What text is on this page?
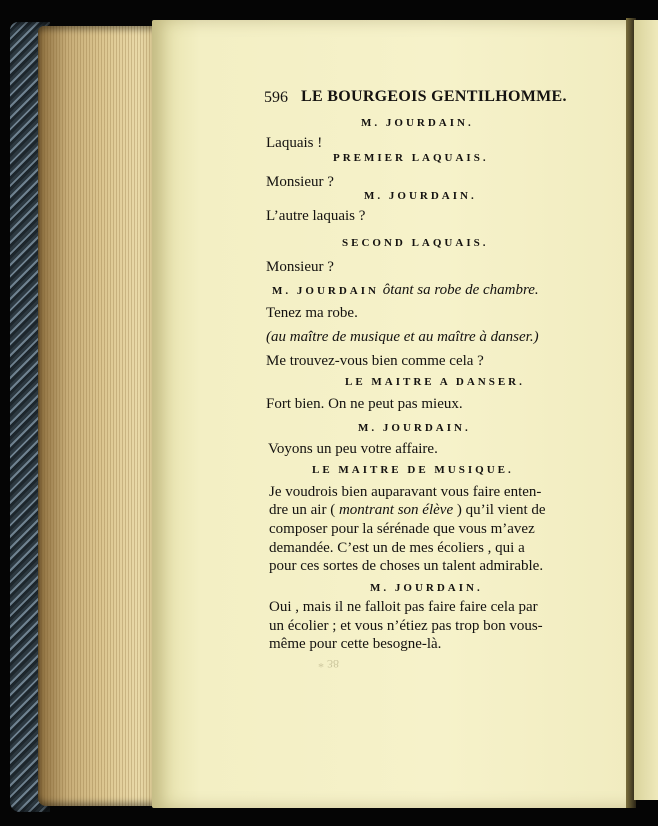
596 LE BOURGEOIS GENTILHOMME.
M. JOURDAIN.
Laquais !
PREMIER LAQUAIS.
Monsieur ?
M. JOURDAIN.
L’autre laquais ?
SECOND LAQUAIS.
Monsieur ?
M. JOURDAIN ôtant sa robe de chambre.
Tenez ma robe.
(au maître de musique et au maître à danser.)
Me trouvez-vous bien comme cela ?
LE MAITRE A DANSER.
Fort bien. On ne peut pas mieux.
M. JOURDAIN.
Voyons un peu votre affaire.
LE MAITRE DE MUSIQUE.
Je voudrois bien auparavant vous faire enten-
dre un air ( montrant son élève ) qu’il vient de
composer pour la sérénade que vous m’avez
demandée. C’est un de mes écoliers , qui a
pour ces sortes de choses un talent admirable.
M. JOURDAIN.
Oui , mais il ne falloit pas faire faire cela par
un écolier ; et vous n’étiez pas trop bon vous-
même pour cette besogne-là.
* 38
